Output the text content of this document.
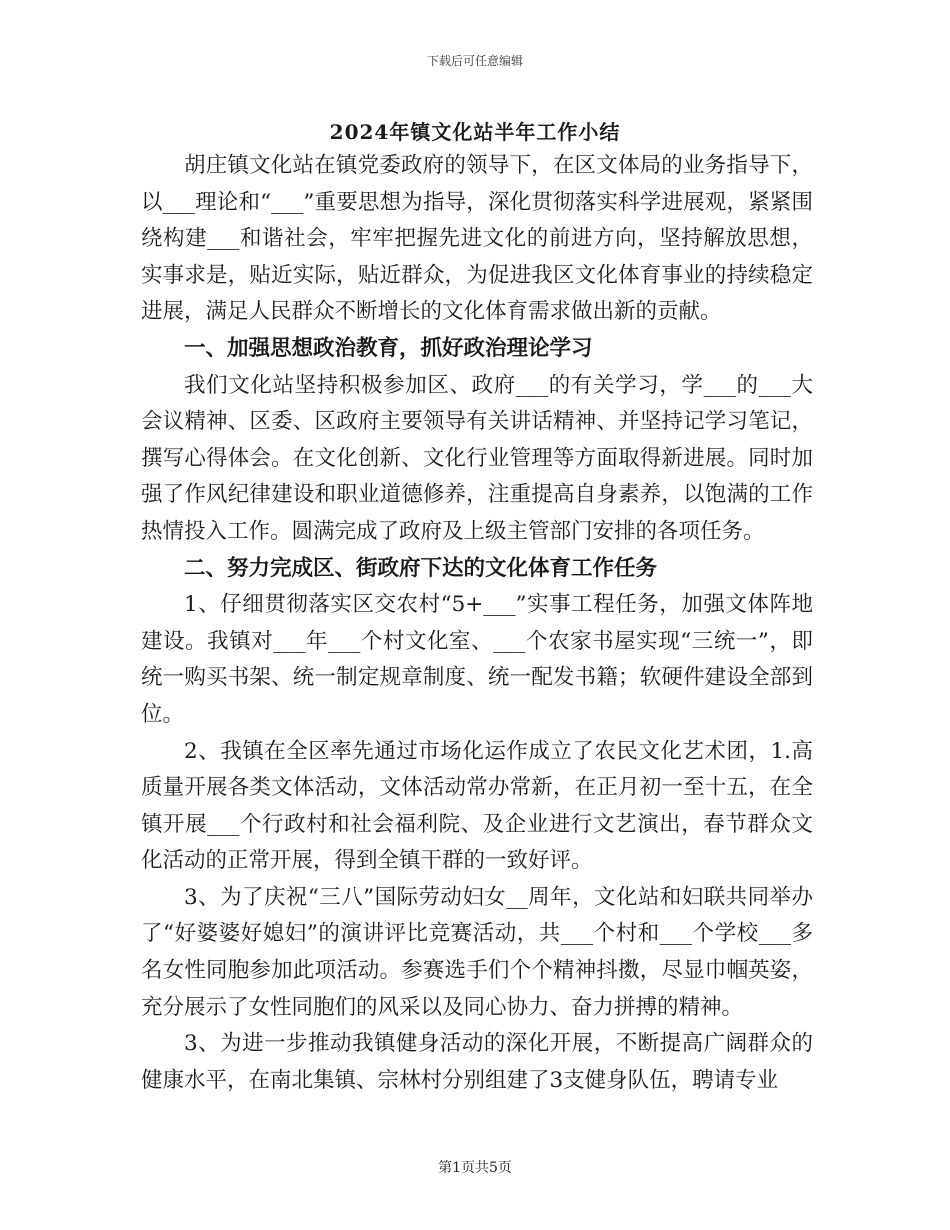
下载后可任意编辑
2024年镇文化站半年工作小结

胡庄镇文化站在镇党委政府的领导下，在区文体局的业务指导下，以___理论和“___”重要思想为指导，深化贯彻落实科学进展观，紧紧围绕构建___和谐社会，牢牢把握先进文化的前进方向，坚持解放思想，实事求是，贴近实际，贴近群众，为促进我区文化体育事业的持续稳定进展，满足人民群众不断增长的文化体育需求做出新的贡献。

一、加强思想政治教育，抓好政治理论学习

我们文化站坚持积极参加区、政府___的有关学习，学___的___大会议精神、区委、区政府主要领导有关讲话精神、并坚持记学习笔记，撰写心得体会。在文化创新、文化行业管理等方面取得新进展。同时加强了作风纪律建设和职业道德修养，注重提高自身素养，以饱满的工作热情投入工作。圆满完成了政府及上级主管部门安排的各项任务。

二、努力完成区、街政府下达的文化体育工作任务

1、仔细贯彻落实区交农村“5+___”实事工程任务，加强文体阵地建设。我镇对___年___个村文化室、___个农家书屋实现“三统一”，即统一购买书架、统一制定规章制度、统一配发书籍；软硬件建设全部到位。

2、我镇在全区率先通过市场化运作成立了农民文化艺术团，1.高质量开展各类文体活动，文体活动常办常新，在正月初一至十五，在全镇开展___个行政村和社会福利院、及企业进行文艺演出，春节群众文化活动的正常开展，得到全镇干群的一致好评。

3、为了庆祝“三八”国际劳动妇女__周年，文化站和妇联共同举办了“好婆婆好媳妇”的演讲评比竞赛活动，共___个村和___个学校___多名女性同胞参加此项活动。参赛选手们个个精神抖擞，尽显巾帼英姿，充分展示了女性同胞们的风采以及同心协力、奋力拼搏的精神。

3、为进一步推动我镇健身活动的深化开展，不断提高广阔群众的健康水平，在南北集镇、宗林村分别组建了3支健身队伍，聘请专业

第1页共5页
